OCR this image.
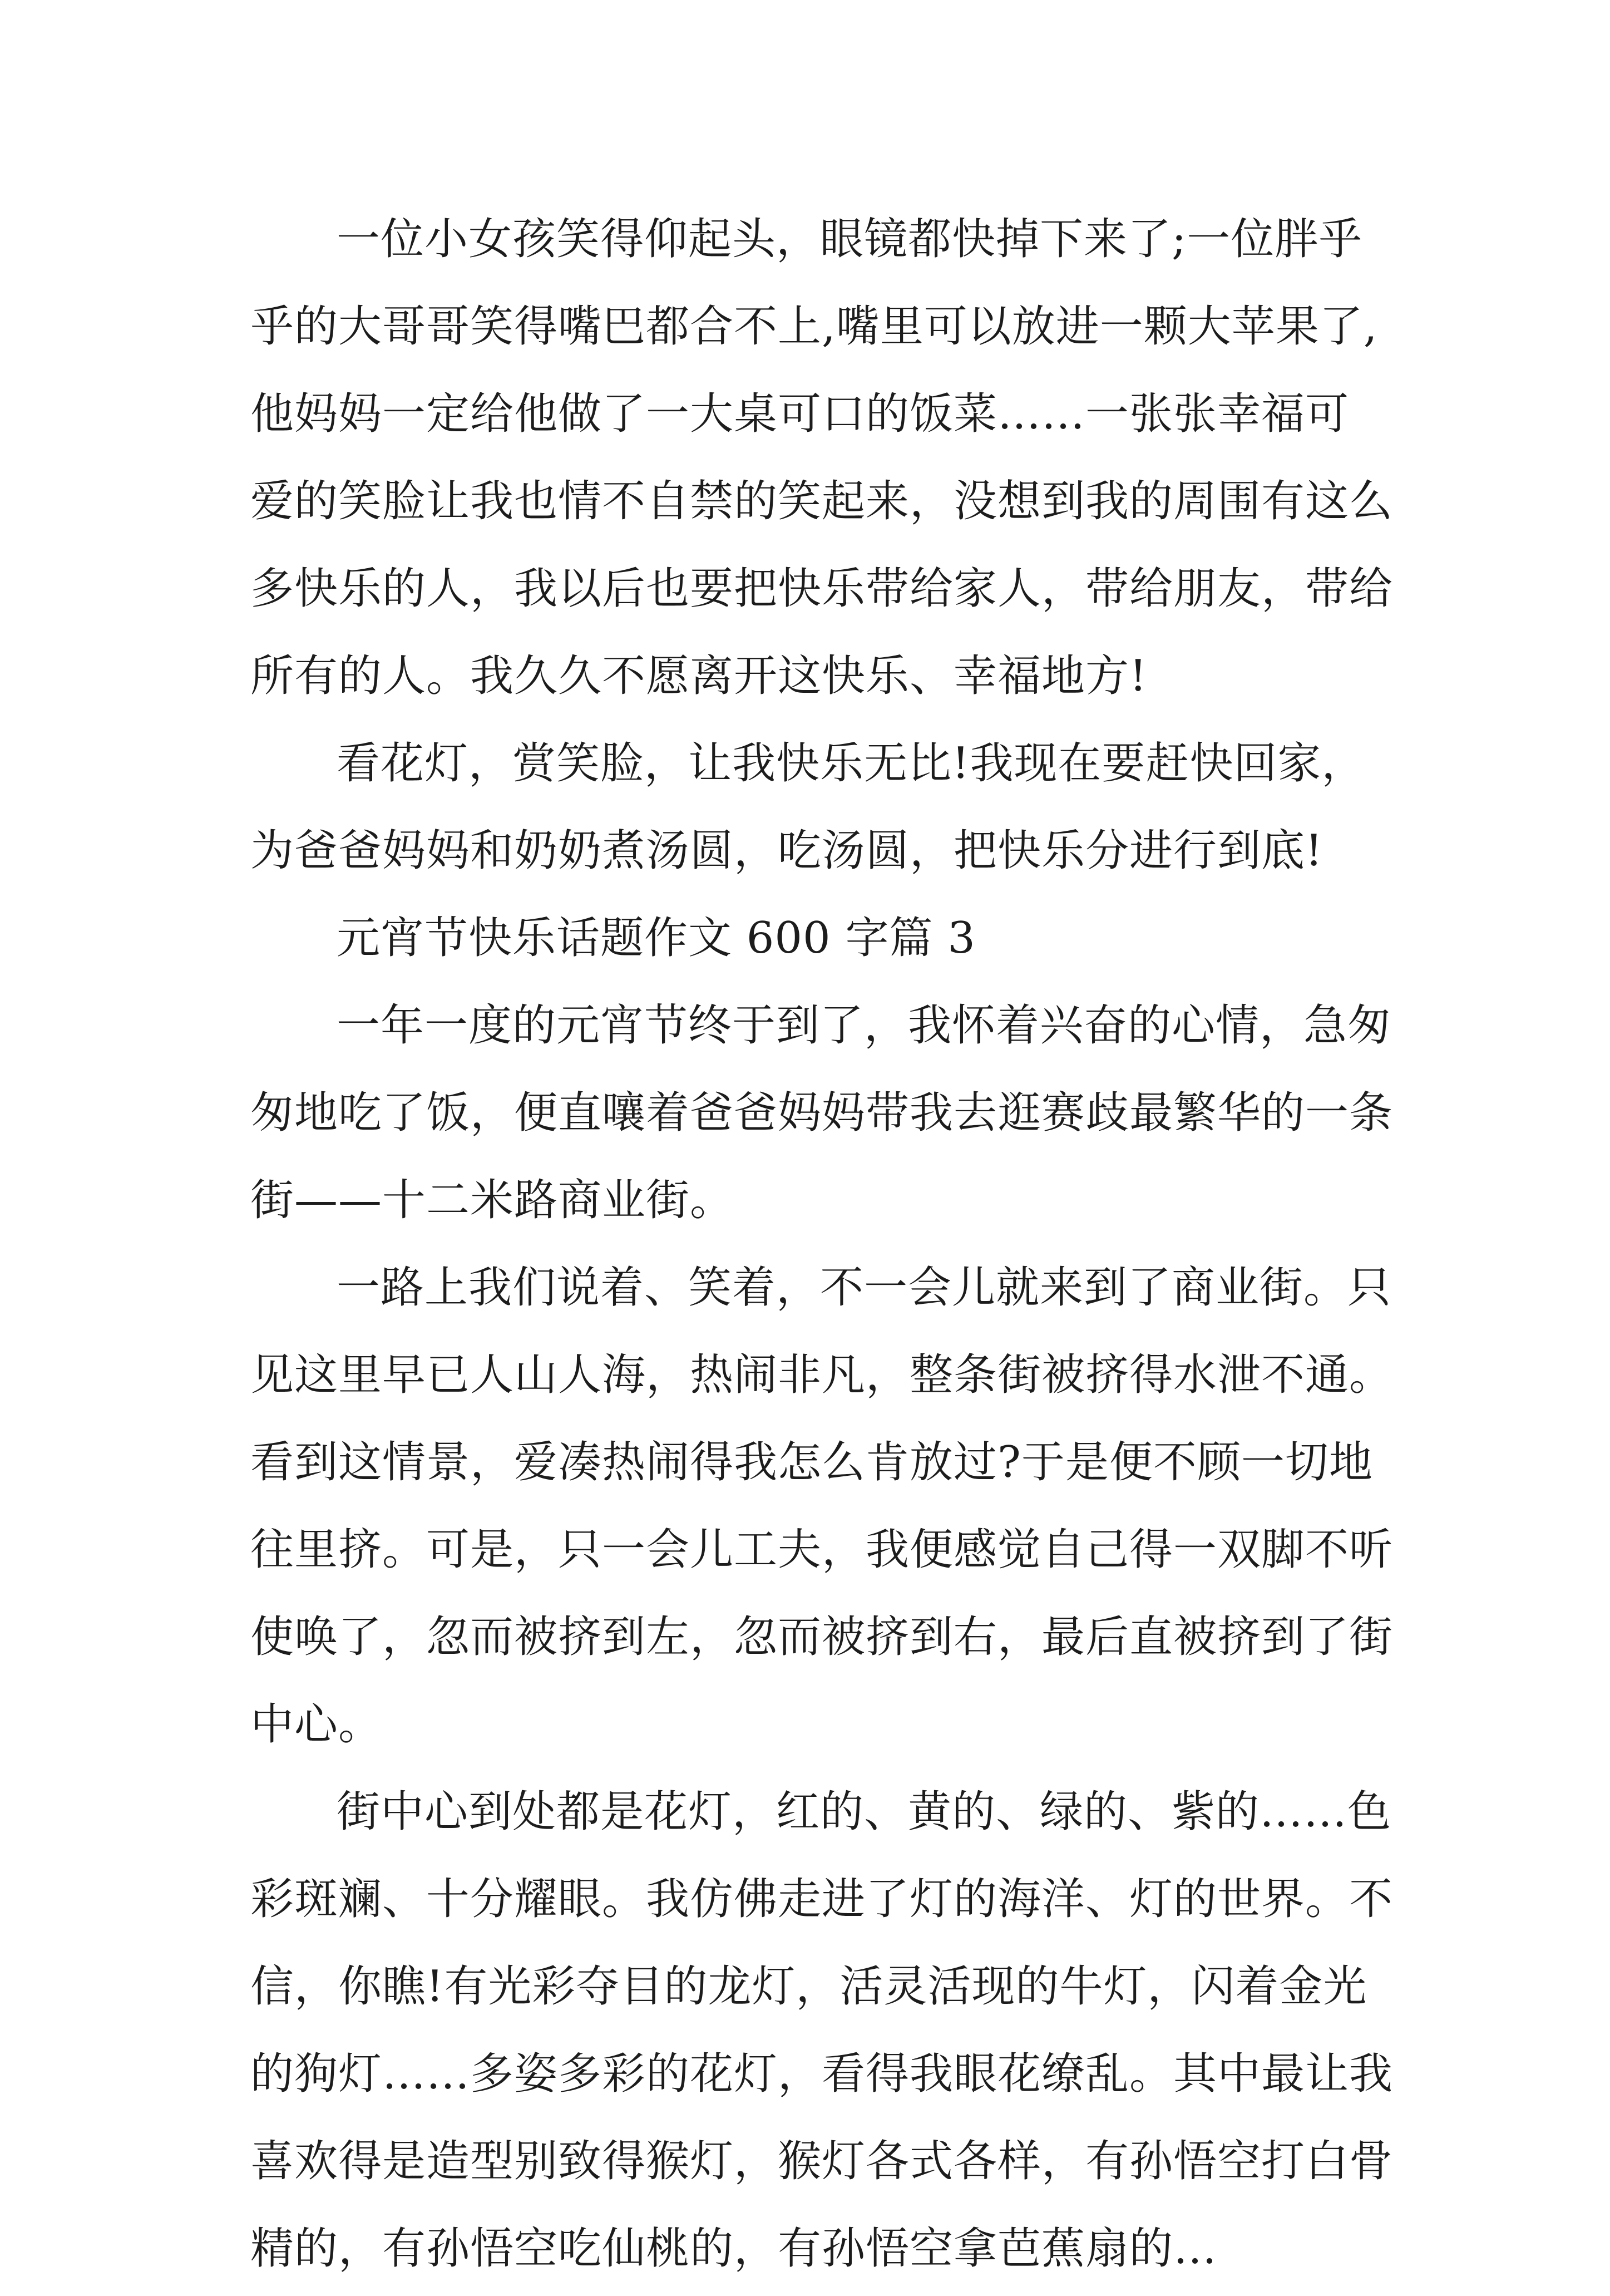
一位小女孩笑得仰起头，眼镜都快掉下来了;一位胖乎
乎的大哥哥笑得嘴巴都合不上,嘴里可以放进一颗大苹果了,
他妈妈一定给他做了一大桌可口的饭菜……一张张幸福可
爱的笑脸让我也情不自禁的笑起来，没想到我的周围有这么
多快乐的人，我以后也要把快乐带给家人，带给朋友，带给
所有的人。我久久不愿离开这快乐、幸福地方!
看花灯，赏笑脸，让我快乐无比!我现在要赶快回家，
为爸爸妈妈和奶奶煮汤圆，吃汤圆，把快乐分进行到底!
元宵节快乐话题作文 600 字篇 3
一年一度的元宵节终于到了，我怀着兴奋的心情，急匆
匆地吃了饭，便直嚷着爸爸妈妈带我去逛赛歧最繁华的一条
街——十二米路商业街。
一路上我们说着、笑着，不一会儿就来到了商业街。只
见这里早已人山人海，热闹非凡，整条街被挤得水泄不通。
看到这情景，爱凑热闹得我怎么肯放过?于是便不顾一切地
往里挤。可是，只一会儿工夫，我便感觉自己得一双脚不听
使唤了，忽而被挤到左，忽而被挤到右，最后直被挤到了街
中心。
街中心到处都是花灯，红的、黄的、绿的、紫的……色
彩斑斓、十分耀眼。我仿佛走进了灯的海洋、灯的世界。不
信，你瞧!有光彩夺目的龙灯，活灵活现的牛灯，闪着金光
的狗灯……多姿多彩的花灯，看得我眼花缭乱。其中最让我
喜欢得是造型别致得猴灯，猴灯各式各样，有孙悟空打白骨
精的，有孙悟空吃仙桃的，有孙悟空拿芭蕉扇的…
